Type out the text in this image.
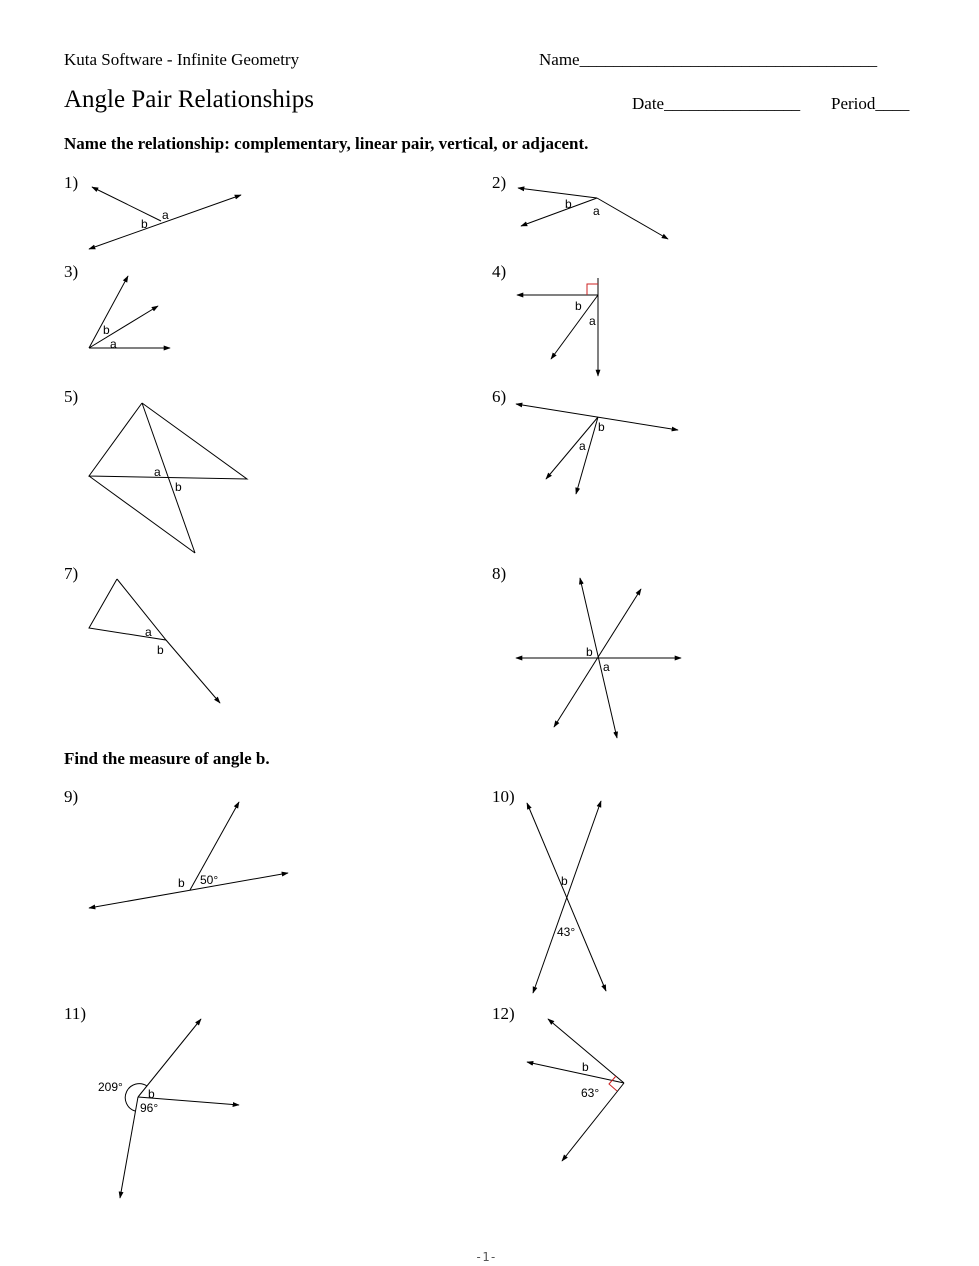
Kuta Software - Infinite Geometry	Name___________________________________
Angle Pair Relationships	Date________________ Period____
Name the relationship: complementary, linear pair, vertical, or adjacent.
Find the measure of angle b.
1)	2)
3)	4)
5)	6)
7)	8)
9)	10)
11)	12)
a
b
b a
b
a
b
a
a
b
b
a
a
b	b
a
b 50°	b
43°
209° b
96°
b
63°
-1-
